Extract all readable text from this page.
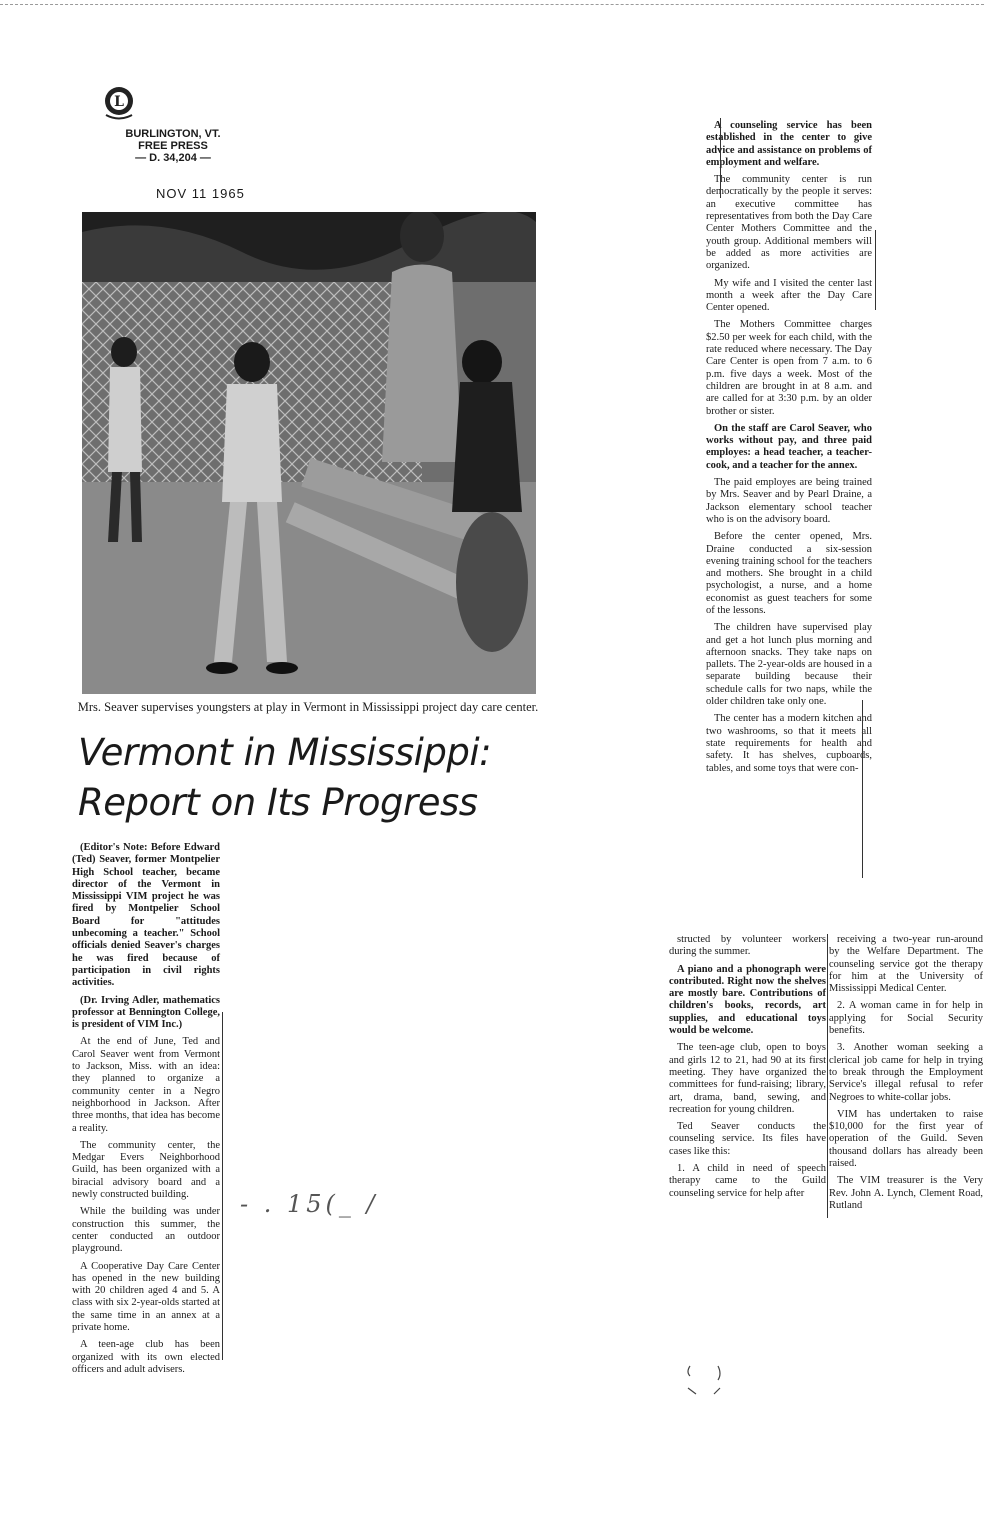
L
BURLINGTON, VT.
FREE PRESS
— D. 34,204 —
NOV 11 1965
Mrs. Seaver supervises youngsters at play in Vermont in Mississippi project day care center.
Vermont in Mississippi:
Report on Its Progress

(Editor's Note: Before Edward (Ted) Seaver, former Montpelier High School teacher, became director of the Vermont in Mississippi VIM project he was fired by Montpelier School Board for "attitudes unbecoming a teacher." School officials denied Seaver's charges he was fired because of participation in civil rights activities.

(Dr. Irving Adler, mathematics professor at Bennington College, is president of VIM Inc.)

At the end of June, Ted and Carol Seaver went from Vermont to Jackson, Miss. with an idea: they planned to organize a community center in a Negro neighborhood in Jackson. After three months, that idea has become a reality.

The community center, the Medgar Evers Neighborhood Guild, has been organized with a biracial advisory board and a newly constructed building.

While the building was under construction this summer, the center conducted an outdoor playground.

A Cooperative Day Care Center has opened in the new building with 20 children aged 4 and 5. A class with six 2-year-olds started at the same time in an annex at a private home.

A teen-age club has been organized with its own elected officers and adult advisers.

A counseling service has been established in the center to give advice and assistance on problems of employment and welfare.

The community center is run democratically by the people it serves: an executive committee has representatives from both the Day Care Center Mothers Committee and the youth group. Additional members will be added as more activities are organized.

My wife and I visited the center last month a week after the Day Care Center opened.

The Mothers Committee charges $2.50 per week for each child, with the rate reduced where necessary. The Day Care Center is open from 7 a.m. to 6 p.m. five days a week. Most of the children are brought in at 8 a.m. and are called for at 3:30 p.m. by an older brother or sister.

On the staff are Carol Seaver, who works without pay, and three paid employes: a head teacher, a teacher-cook, and a teacher for the annex.

The paid employes are being trained by Mrs. Seaver and by Pearl Draine, a Jackson elementary school teacher who is on the advisory board.

Before the center opened, Mrs. Draine conducted a six-session evening training school for the teachers and mothers. She brought in a child psychologist, a nurse, and a home economist as guest teachers for some of the lessons.

The children have supervised play and get a hot lunch plus morning and afternoon snacks. They take naps on pallets. The 2-year-olds are housed in a separate building because their schedule calls for two naps, while the older children take only one.

The center has a modern kitchen and two washrooms, so that it meets all state requirements for health and safety. It has shelves, cupboards, tables, and some toys that were con-

structed by volunteer workers during the summer.

A piano and a phonograph were contributed. Right now the shelves are mostly bare. Contributions of children's books, records, art supplies, and educational toys would be welcome.

The teen-age club, open to boys and girls 12 to 21, had 90 at its first meeting. They have organized the committees for fund-raising; library, art, drama, band, sewing, and recreation for young children.

Ted Seaver conducts the counseling service. Its files have cases like this:

1. A child in need of speech therapy came to the Guild counseling service for help after

receiving a two-year run-around by the Welfare Department. The counseling service got the therapy for him at the University of Mississippi Medical Center.

2. A woman came in for help in applying for Social Security benefits.

3. Another woman seeking a clerical job came for help in trying to break through the Employment Service's illegal refusal to refer Negroes to white-collar jobs.

VIM has undertaken to raise $10,000 for the first year of operation of the Guild. Seven thousand dollars has already been raised.

The VIM treasurer is the Very Rev. John A. Lynch, Clement Road, Rutland

- . 15(_ /
